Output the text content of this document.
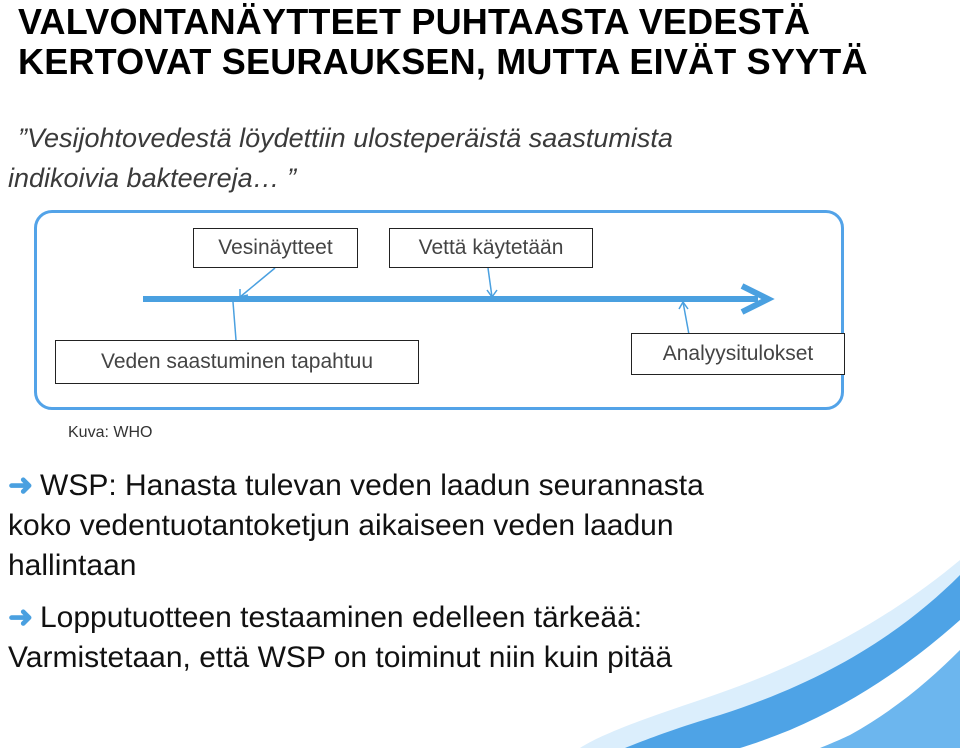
VALVONTANÄYTTEET PUHTAASTA VEDESTÄ
KERTOVAT SEURAUKSEN, MUTTA EIVÄT SYYTÄ
”Vesijohtovedestä löydettiin ulosteperäistä saastumista
indikoivia bakteereja… ”
Vesinäytteet	Vettä käytetään
Veden saastuminen tapahtuu	Analyysitulokset
Kuva: WHO
➜ WSP: Hanasta tulevan veden laadun seurannasta
koko vedentuotantoketjun aikaiseen veden laadun
hallintaan
➜ Lopputuotteen testaaminen edelleen tärkeää:
Varmistetaan, että WSP on toiminut niin kuin pitää
